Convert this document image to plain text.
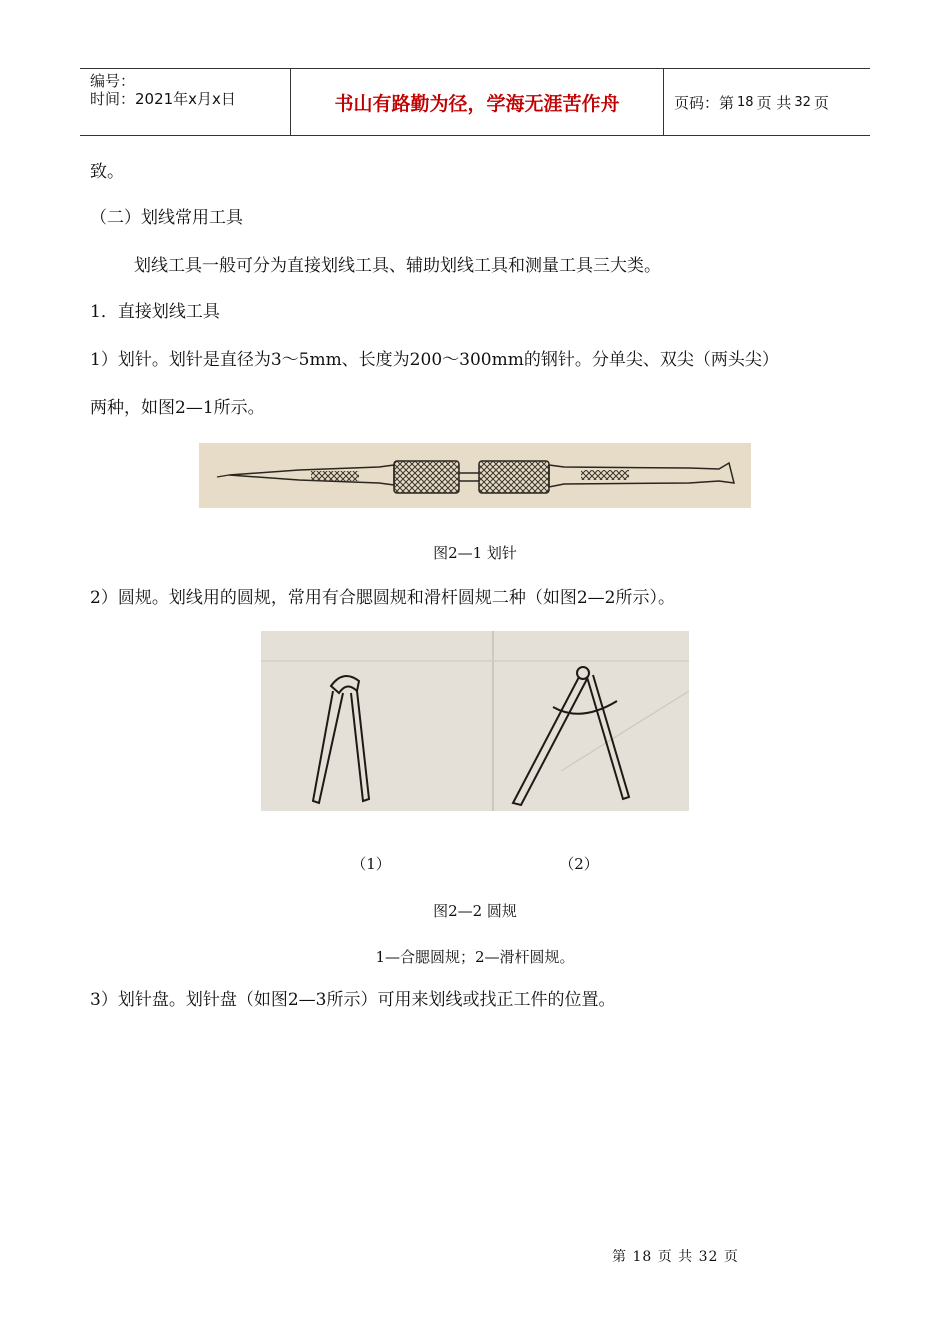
编号：
时间：2021年x月x日	书山有路勤为径，学海无涯苦作舟	页码：第 18 页 共 32 页
致。
（二）划线常用工具
划线工具一般可分为直接划线工具、辅助划线工具和测量工具三大类。
1．直接划线工具
1）划针。划针是直径为3～5mm、长度为200～300mm的钢针。分单尖、双尖（两头尖）
两种，如图2—1所示。
图2—1 划针
2）圆规。划线用的圆规，常用有合腮圆规和滑杆圆规二种（如图2—2所示）。
（1）	（2）
图2—2 圆规
1—合腮圆规；2—滑杆圆规。
3）划针盘。划针盘（如图2—3所示）可用来划线或找正工件的位置。
第 18 页 共 32 页
